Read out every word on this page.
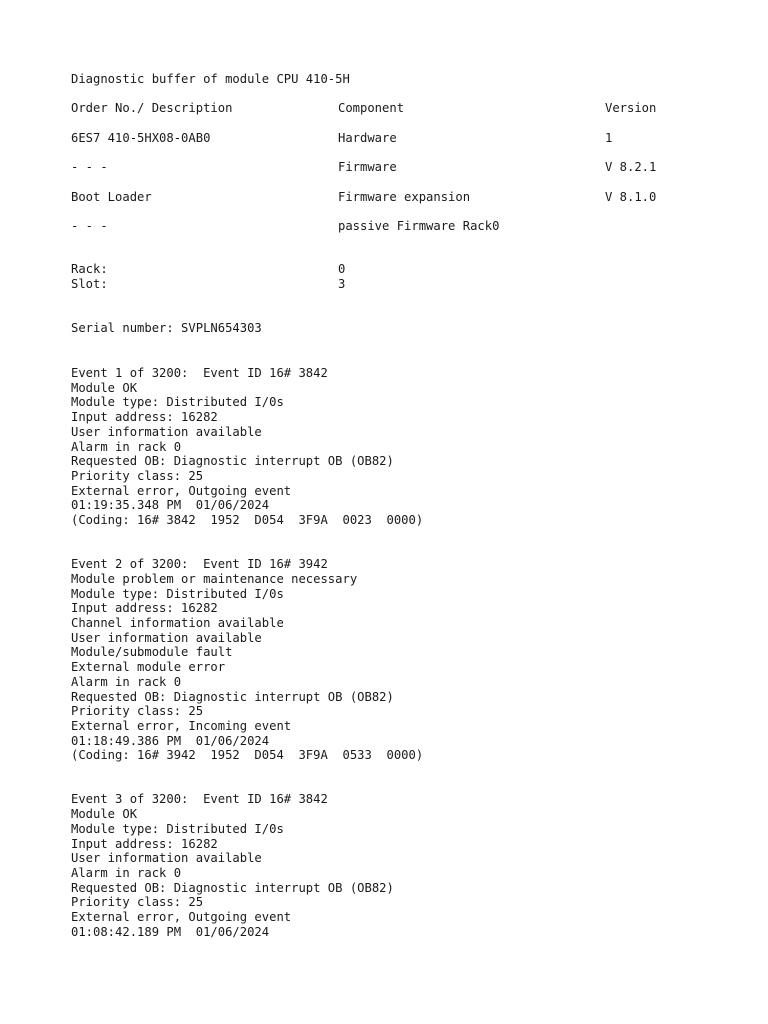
Diagnostic buffer of module CPU 410-5H
Order No./ Description	Component	Version
6ES7 410-5HX08-0AB0	Hardware	1
- - -	Firmware	V 8.2.1
Boot Loader	Firmware expansion	V 8.1.0
- - -	passive Firmware Rack0
Rack:	0
Slot:	3
Serial number: SVPLN654303
Event 1 of 3200:  Event ID 16# 3842
Module OK
Module type: Distributed I/0s
Input address: 16282
User information available
Alarm in rack 0
Requested OB: Diagnostic interrupt OB (OB82)
Priority class: 25
External error, Outgoing event
01:19:35.348 PM  01/06/2024
(Coding: 16# 3842  1952  D054  3F9A  0023  0000)
Event 2 of 3200:  Event ID 16# 3942
Module problem or maintenance necessary
Module type: Distributed I/0s
Input address: 16282
Channel information available
User information available
Module/submodule fault
External module error
Alarm in rack 0
Requested OB: Diagnostic interrupt OB (OB82)
Priority class: 25
External error, Incoming event
01:18:49.386 PM  01/06/2024
(Coding: 16# 3942  1952  D054  3F9A  0533  0000)
Event 3 of 3200:  Event ID 16# 3842
Module OK
Module type: Distributed I/0s
Input address: 16282
User information available
Alarm in rack 0
Requested OB: Diagnostic interrupt OB (OB82)
Priority class: 25
External error, Outgoing event
01:08:42.189 PM  01/06/2024
